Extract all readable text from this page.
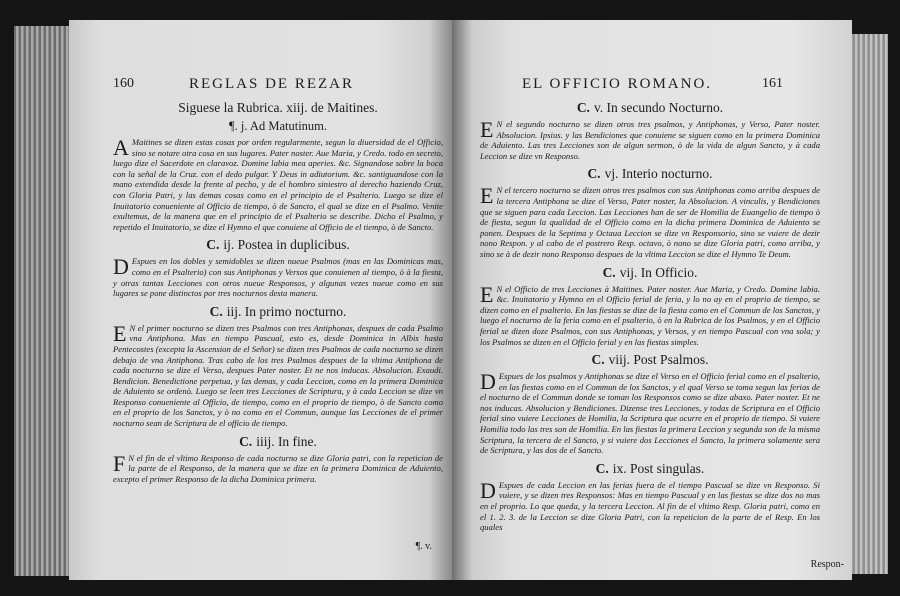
160	REGLAS DE REZAR
Siguese la Rubrica. xiij. de Maitines.
¶. j. Ad Matutinum.

A Maitines se dizen estas cosas por orden regularmente, segun la diuersidad de el Officio, sino se notare otra cosa en sus lugares. Pater noster. Aue Maria, y Credo. todo en secreto, luego dize el Sacerdote en claravoz. Domine labia mea aperies. &c. Signandose sobre la boca con la señal de la Cruz. con el dedo pulgar. Y Deus in adiutorium. &c. santiguandose con la mano extendida desde la frente al pecho, y de el hombro siniestro al derecho haziendo Cruz, con Gloria Patri, y las demas cosas como en el principio de el Psalterio. Luego se dize el Inuitatorio conueniente al Officio de tiempo, ò de Sancto, el qual se dize en el Psalmo. Venite exultemus, de la manera que en el principio de el Psalterio se describe. Dicho el Psalmo, y repetido el Inuitatorio, se dize el Hymno el que conuiene al Officio de el tiempo, ò de Sancto.

C. ij. Postea in duplicibus.

D Espues en los dobles y semidobles se dizen nueue Psalmos (mas en las Dominicas mas, como en el Psalterio) con sus Antiphonas y Versos que conuienen al tiempo, ò à la fiesta, y otras tantas Lecciones con otros nueue Responsos, y algunas vezes nueue como en sus lugares se pone distinctos por tres nocturnos desta manera.

C. iij. In primo nocturno.

E N el primer nocturno se dizen tres Psalmos con tres Antiphonas, despues de cada Psalmo vna Antiphona. Mas en tiempo Pascual, esto es, desde Dominica in Albis hasta Pentecostes (excepta la Ascension de el Señor) se dizen tres Psalmos de cada nocturno se dizen debajo de vna Antiphona. Tras cabo de los tres Psalmos despues de la vltima Antiphona de cada nocturno se dize el Verso, despues Pater noster. Et ne nos inducas. Absolucion. Exaudi. Bendicion. Benedictione perpetua, y las demas, y cada Leccion, como en la primera Dominica de Aduiento se ordenò. Luego se leen tres Lecciones de Scriptura, y à cada Leccion se dize vn Responso conueniente al Officio, de tiempo, como en el proprio de tiempo, ò de Sancto como en el proprio de los Sanctos, y ò no como en el Commun, aunque las Lecciones de el primer nocturno sean de Scriptura de el officio de tiempo.

C. iiij. In fine.

F N el fin de el vltimo Responso de cada nocturno se dize Gloria patri, con la repeticion de la parte de el Responso, de la manera que se dize en la primera Dominica de Aduiento, excepto el primer Responso de la dicha Dominica primera.

¶. v.
EL OFFICIO ROMANO.	161
C. v. In secundo Nocturno.

E N el segundo nocturno se dizen otros tres psalmos, y Antiphonas, y Verso, Pater noster. Absolucion. Ipsius. y las Bendiciones que conuiene se siguen como en la primera Dominica de Aduiento. Las tres Lecciones son de algun sermon, ò de la vida de algun Sancto, y à cada Leccion se dize vn Responso.

C. vj. Interio nocturno.

E N el tercero nocturno se dizen otros tres psalmos con sus Antiphonas como arriba despues de la tercera Antiphona se dize el Verso, Pater noster, la Absolucion. A vinculis, y Bendiciones que se siguen para cada Leccion. Las Lecciones han de ser de Homilia de Euangelio de tiempo ò de fiesta, segun la qualidad de el Officio como en la dicha primera Dominica de Aduiento se ponen. Despues de la Septima y Octaua Leccion se dize vn Responsorio, sino se vuiere de dezir nono Respon. y al cabo de el postrero Resp. octavo, ò nono se dize Gloria patri, como arriba, y sino se à de dezir nono Responso despues de la vltima Leccion se dize el Hymno Te Deum.

C. vij. In Officio.

E N el Officio de tres Lecciones à Maitines. Pater noster. Aue Maria, y Credo. Domine labia. &c. Inuitatorio y Hymno en el Officio ferial de feria, y lo no ay en el proprio de tiempo, se dizen como en el psalterio. En las fiestas se dize de la fiesta como en el Commun de los Sanctos, y luego el nocturno de la feria como en el psalterio, ò en la Rubrica de los Psalmos, y en el Officio ferial se dizen doze Psalmos, con sus Antiphonas, y Versos, y en tiempo Pascual con vna sola; y los Psalmos se dizen en el Officio ferial y en las fiestas simples.

C. viij. Post Psalmos.

D Espues de los psalmos y Antiphonas se dize el Verso en el Officio ferial como en el psalterio, en las fiestas como en el Commun de los Sanctos, y el qual Verso se toma segun las ferias de el nocturno de el Commun donde se toman los Responsos como se dize abaxo. Pater noster. Et ne nos inducas. Absolucion y Bendiciones. Dizense tres Lecciones, y todas de Scriptura en el Officio ferial sino vuiere Lecciones de Homilia, la Scriptura que ocurre en el proprio de tiempo. Si vuiere Homilia todo las tres son de Homilia. En las fiestas la primera Leccion y segunda son de la misma Scriptura, la tercera de el Sancto, y si vuiere dos Lecciones el Sancto, la primera solamente sera de Scriptura, y las dos de el Sancto.

C. ix. Post singulas.

D Espues de cada Leccion en las ferias fuera de el tiempo Pascual se dize vn Responso. Si vuiere, y se dizen tres Responsos: Mas en tiempo Pascual y en las fiestas se dize dos no mas en el proprio. Lo que queda, y la tercera Leccion. Al fin de el vltimo Resp. Gloria patri, como en el 1. 2. 3. de la Leccion se dize Gloria Patri, con la repeticion de la parte de el Resp. En los quales

Respon-
